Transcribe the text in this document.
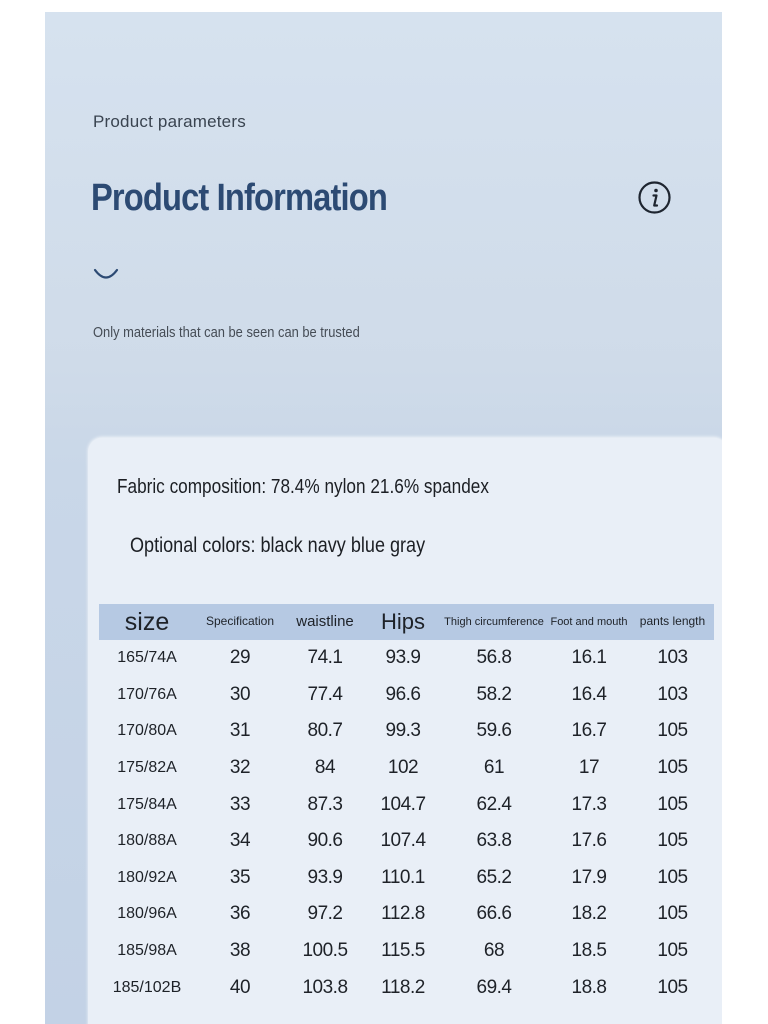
Product parameters
Product Information
Only materials that can be seen can be trusted
Fabric composition: 78.4% nylon 21.6% spandex
Optional colors: black navy blue gray
size	Specification	waistline	Hips	Thigh circumference	Foot and mouth	pants length
165/74A	29	74.1	93.9	56.8	16.1	103
170/76A	30	77.4	96.6	58.2	16.4	103
170/80A	31	80.7	99.3	59.6	16.7	105
175/82A	32	84	102	61	17	105
175/84A	33	87.3	104.7	62.4	17.3	105
180/88A	34	90.6	107.4	63.8	17.6	105
180/92A	35	93.9	110.1	65.2	17.9	105
180/96A	36	97.2	112.8	66.6	18.2	105
185/98A	38	100.5	115.5	68	18.5	105
185/102B	40	103.8	118.2	69.4	18.8	105
